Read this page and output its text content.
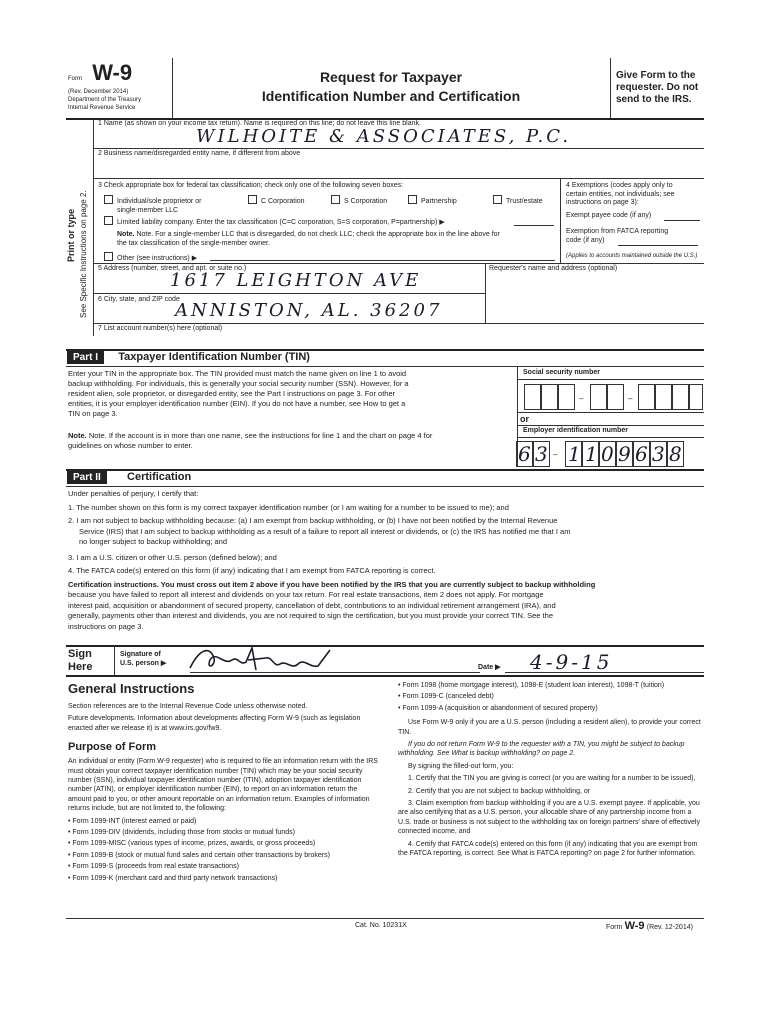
Form W-9
(Rev. December 2014)
Department of the Treasury
Internal Revenue Service
Request for Taxpayer
Identification Number and Certification
Give Form to the
requester. Do not
send to the IRS.
Print or type See Specific Instructions on page 2.
1 Name (as shown on your income tax return). Name is required on this line; do not leave this line blank.
WILHOITE & ASSOCIATES, P.C.
2 Business name/disregarded entity name, if different from above
3 Check appropriate box for federal tax classification; check only one of the following seven boxes:
Individual/sole proprietor or
single-member LLC
C Corporation	S Corporation	Partnership	Trust/estate
Limited liability company. Enter the tax classification (C=C corporation, S=S corporation, P=partnership) ▶
Note. Note. For a single-member LLC that is disregarded, do not check LLC; check the appropriate box in the line above for
the tax classification of the single-member owner.
Other (see instructions) ▶
4 Exemptions (codes apply only to
certain entities, not individuals; see
instructions on page 3):
Exempt payee code (if any)
Exemption from FATCA reporting
code (if any)
(Applies to accounts maintained outside the U.S.)
5 Address (number, street, and apt. or suite no.)
1617 LEIGHTON AVE
Requester's name and address (optional)
6 City, state, and ZIP code
ANNISTON, AL. 36207
7 List account number(s) here (optional)
Part I Taxpayer Identification Number (TIN)
Enter your TIN in the appropriate box. The TIN provided must match the name given on line 1 to avoid
backup withholding. For individuals, this is generally your social security number (SSN). However, for a
resident alien, sole proprietor, or disregarded entity, see the Part I instructions on page 3. For other
entities, it is your employer identification number (EIN). If you do not have a number, see How to get a
TIN on page 3.
Note. Note. If the account is in more than one name, see the instructions for line 1 and the chart on page 4 for
guidelines on whose number to enter.
Social security number
–	–
or
Employer identification number
–
6 3 1 1 0 9 6 3 8
Part II Certification
Under penalties of perjury, I certify that:
1. The number shown on this form is my correct taxpayer identification number (or I am waiting for a number to be issued to me); and
2. I am not subject to backup withholding because: (a) I am exempt from backup withholding, or (b) I have not been notified by the Internal Revenue
Service (IRS) that I am subject to backup withholding as a result of a failure to report all interest or dividends, or (c) the IRS has notified me that I am
no longer subject to backup withholding; and
3. I am a U.S. citizen or other U.S. person (defined below); and
4. The FATCA code(s) entered on this form (if any) indicating that I am exempt from FATCA reporting is correct.
Certification instructions. You must cross out item 2 above if you have been notified by the IRS that you are currently subject to backup withholding
because you have failed to report all interest and dividends on your tax return. For real estate transactions, item 2 does not apply. For mortgage
interest paid, acquisition or abandonment of secured property, cancellation of debt, contributions to an individual retirement arrangement (IRA), and
generally, payments other than interest and dividends, you are not required to sign the certification, but you must provide your correct TIN. See the
instructions on page 3.
Sign
Here
Signature of
U.S. person ▶
Date ▶ 4-9-15
General Instructions

Section references are to the Internal Revenue Code unless otherwise noted.

Future developments. Information about developments affecting Form W-9 (such as legislation enacted after we release it) is at www.irs.gov/fw9.

Purpose of Form

An individual or entity (Form W-9 requester) who is required to file an information return with the IRS must obtain your correct taxpayer identification number (TIN) which may be your social security number (SSN), individual taxpayer identification number (ITIN), adoption taxpayer identification number (ATIN), or employer identification number (EIN), to report on an information return the amount paid to you, or other amount reportable on an information return. Examples of information returns include, but are not limited to, the following:

• Form 1099-INT (interest earned or paid)

• Form 1099-DIV (dividends, including those from stocks or mutual funds)

• Form 1099-MISC (various types of income, prizes, awards, or gross proceeds)

• Form 1099-B (stock or mutual fund sales and certain other transactions by brokers)

• Form 1099-S (proceeds from real estate transactions)

• Form 1099-K (merchant card and third party network transactions)

• Form 1098 (home mortgage interest), 1098-E (student loan interest), 1098-T (tuition)

• Form 1099-C (canceled debt)

• Form 1099-A (acquisition or abandonment of secured property)

Use Form W-9 only if you are a U.S. person (including a resident alien), to provide your correct TIN.

If you do not return Form W-9 to the requester with a TIN, you might be subject to backup withholding. See What is backup withholding? on page 2.

By signing the filled-out form, you:

1. Certify that the TIN you are giving is correct (or you are waiting for a number to be issued),

2. Certify that you are not subject to backup withholding, or

3. Claim exemption from backup withholding if you are a U.S. exempt payee. If applicable, you are also certifying that as a U.S. person, your allocable share of any partnership income from a U.S. trade or business is not subject to the withholding tax on foreign partners' share of effectively connected income, and

4. Certify that FATCA code(s) entered on this form (if any) indicating that you are exempt from the FATCA reporting, is correct. See What is FATCA reporting? on page 2 for further information.

Cat. No. 10231X	Form W-9 (Rev. 12-2014)
